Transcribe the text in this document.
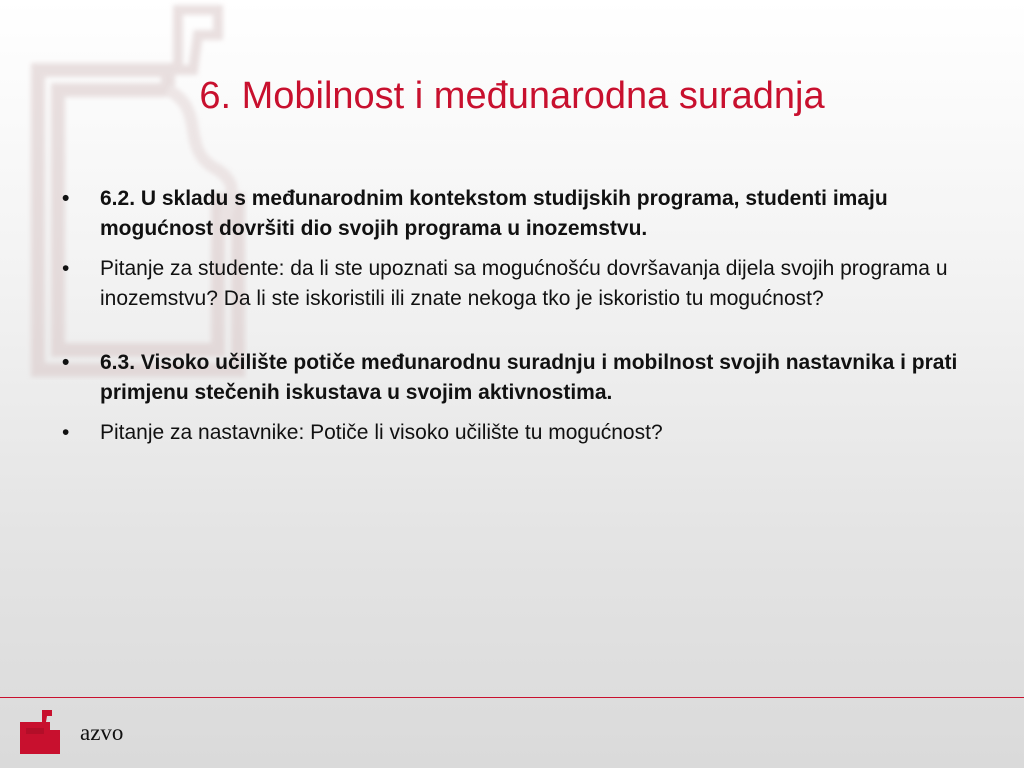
6. Mobilnost i međunarodna suradnja
• 6.2. U skladu s međunarodnim kontekstom studijskih programa, studenti imaju mogućnost dovršiti dio svojih programa u inozemstvu.
• Pitanje za studente: da li ste upoznati sa mogućnošću dovršavanja dijela svojih programa u inozemstvu? Da li ste iskoristili ili znate nekoga tko je iskoristio tu mogućnost?
• 6.3. Visoko učilište potiče međunarodnu suradnju i mobilnost svojih nastavnika i prati primjenu stečenih iskustava u svojim aktivnostima.
• Pitanje za nastavnike: Potiče li visoko učilište tu mogućnost?
azvo
